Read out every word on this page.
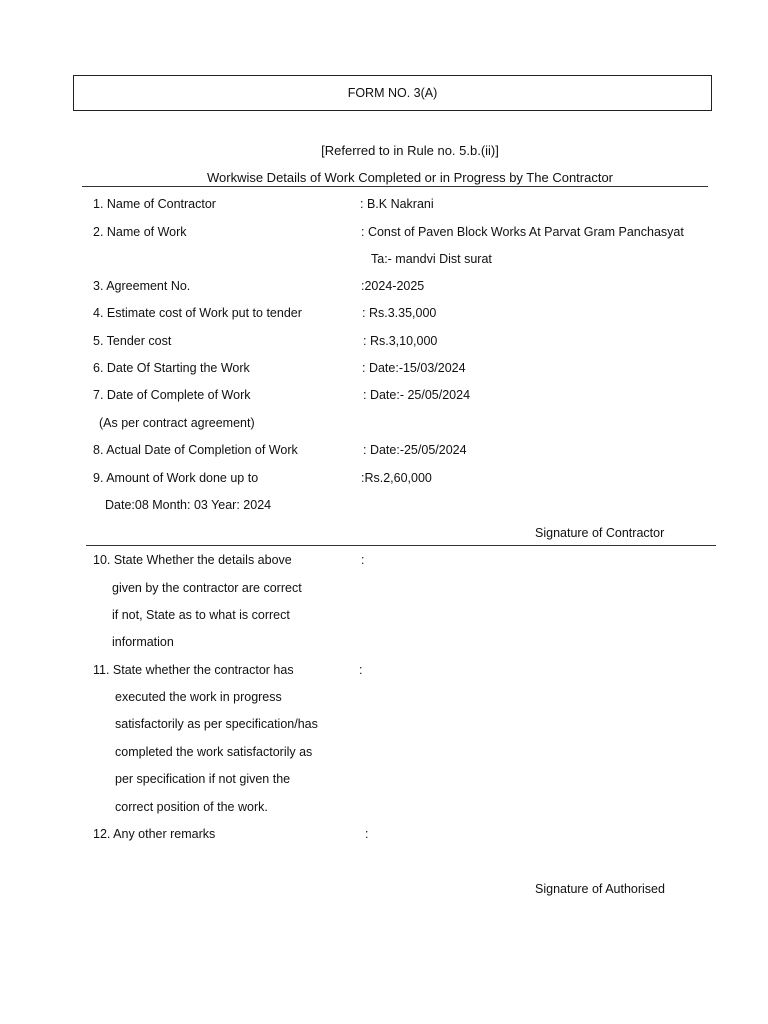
FORM NO. 3(A)
[Referred to in Rule no. 5.b.(ii)]
Workwise Details of Work Completed or in Progress by The Contractor
1. Name of Contractor	: B.K Nakrani
2. Name of Work	: Const of Paven Block Works At Parvat Gram Panchasyat
Ta:- mandvi Dist surat
3. Agreement No.	:2024-2025
4. Estimate cost of Work put to tender	: Rs.3.35,000
5. Tender cost	: Rs.3,10,000
6. Date Of Starting the Work	: Date:-15/03/2024
7. Date of Complete of Work	: Date:- 25/05/2024
(As per contract agreement)
8. Actual Date of Completion of Work	: Date:-25/05/2024
9. Amount of Work done up to	:Rs.2,60,000
Date:08 Month: 03 Year: 2024
Signature of Contractor
10. State Whether the details above	:
given by the contractor are correct
if not, State as to what is correct
information
11. State whether the contractor has	:
executed the work in progress
satisfactorily as per specification/has
completed the work satisfactorily as
per specification if not given the
correct position of the work.
12. Any other remarks	:
Signature of Authorised
